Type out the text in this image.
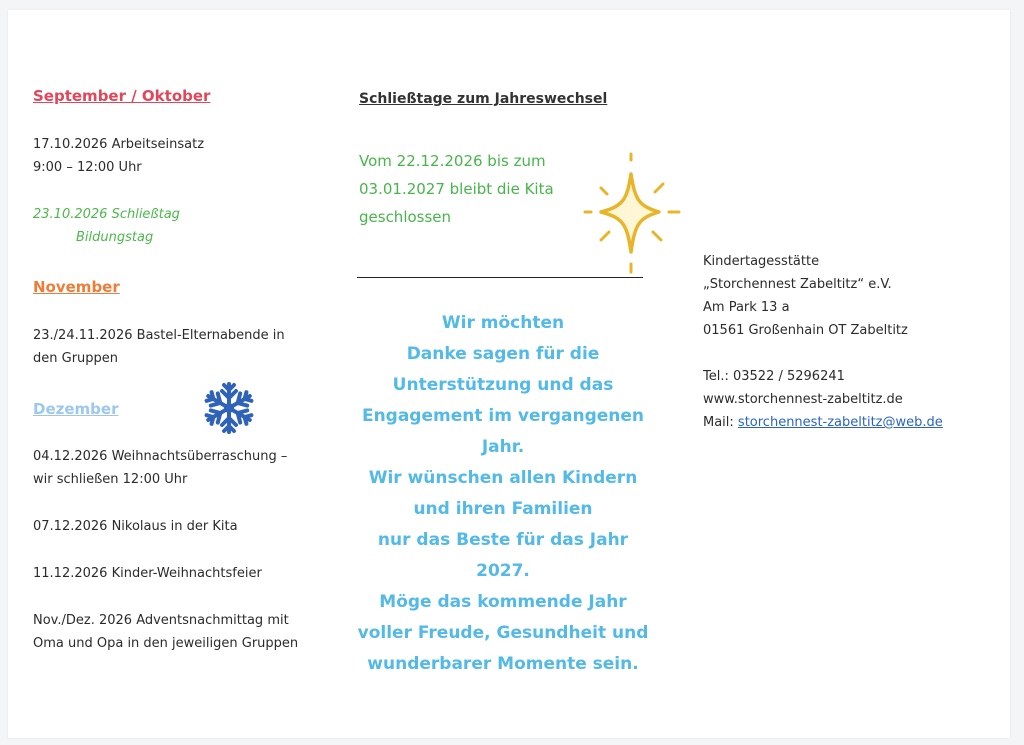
September / Oktober
17.10.2026 Arbeitseinsatz
9:00 – 12:00 Uhr
23.10.2026 Schließtag
Bildungstag
November
23./24.11.2026 Bastel-Elternabende in
den Gruppen
Dezember
04.12.2026 Weihnachtsüberraschung –
wir schließen 12:00 Uhr
07.12.2026 Nikolaus in der Kita
11.12.2026 Kinder-Weihnachtsfeier
Nov./Dez. 2026 Adventsnachmittag mit
Oma und Opa in den jeweiligen Gruppen
Schließtage zum Jahreswechsel
Vom 22.12.2026 bis zum
03.01.2027 bleibt die Kita
geschlossen
Wir möchten
Danke sagen für die
Unterstützung und das
Engagement im vergangenen
Jahr.
Wir wünschen allen Kindern
und ihren Familien
nur das Beste für das Jahr
2027.
Möge das kommende Jahr
voller Freude, Gesundheit und
wunderbarer Momente sein.
Kindertagesstätte
„Storchennest Zabeltitz“ e.V.
Am Park 13 a
01561 Großenhain OT Zabeltitz
Tel.: 03522 / 5296241
www.storchennest-zabeltitz.de
Mail: storchennest-zabeltitz@web.de
